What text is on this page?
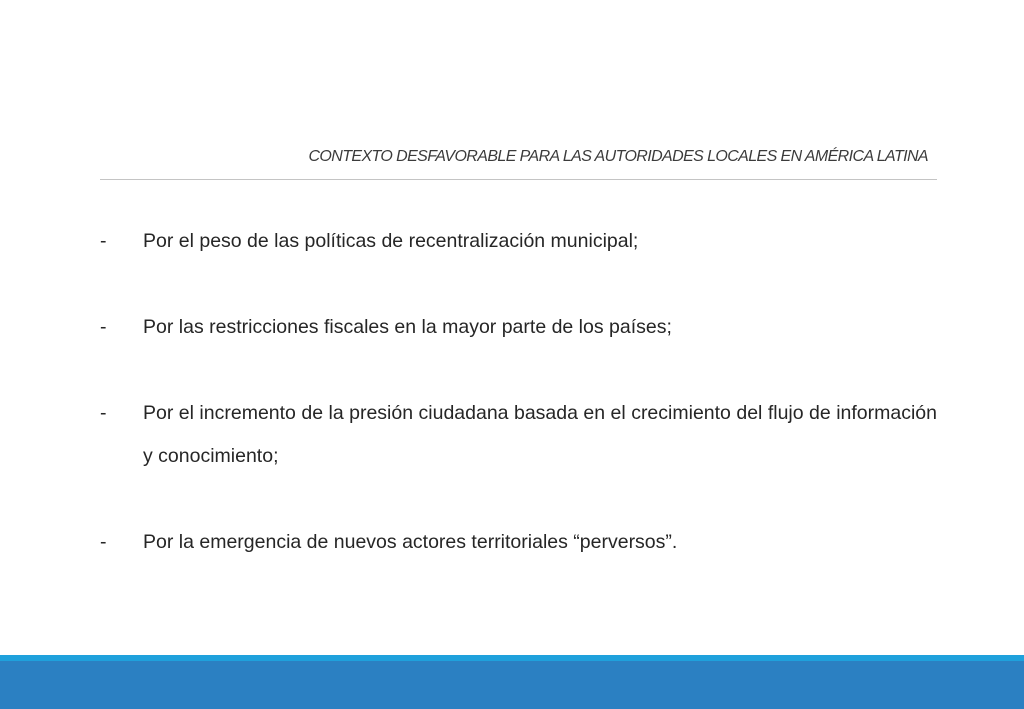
CONTEXTO DESFAVORABLE PARA LAS AUTORIDADES LOCALES EN AMÉRICA LATINA
-	Por el peso de las políticas de recentralización municipal;
-	Por las restricciones fiscales en la mayor parte de los países;
-	Por el incremento de la presión ciudadana basada en el crecimiento del flujo de información y conocimiento;
-	Por la emergencia de nuevos actores territoriales “perversos”.
